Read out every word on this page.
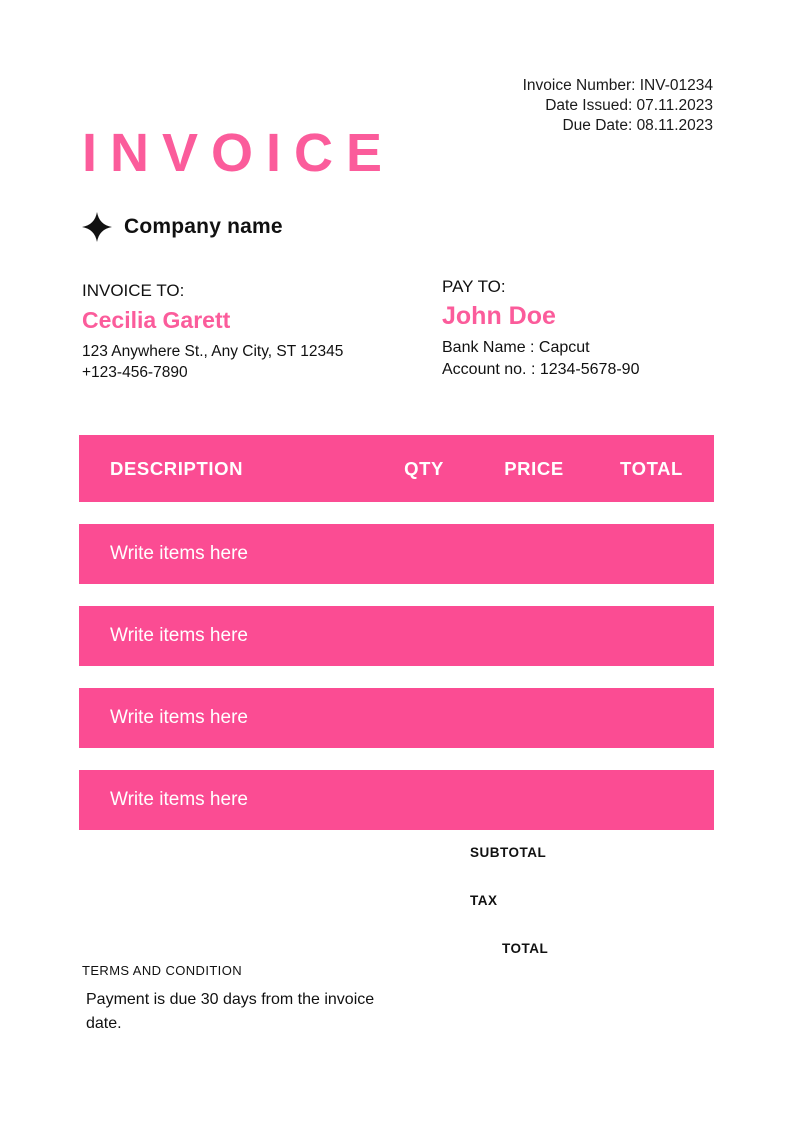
Invoice Number: INV-01234
Date Issued: 07.11.2023
Due Date: 08.11.2023
INVOICE
Company name
INVOICE TO:
Cecilia Garett
123 Anywhere St., Any City, ST 12345
+123-456-7890
PAY TO:
John Doe
Bank Name : Capcut
Account no. : 1234-5678-90
DESCRIPTION	QTY	PRICE	TOTAL
Write items here
Write items here
Write items here
Write items here
SUBTOTAL
TAX
TOTAL
TERMS AND CONDITION
Payment is due 30 days from the invoice date.
